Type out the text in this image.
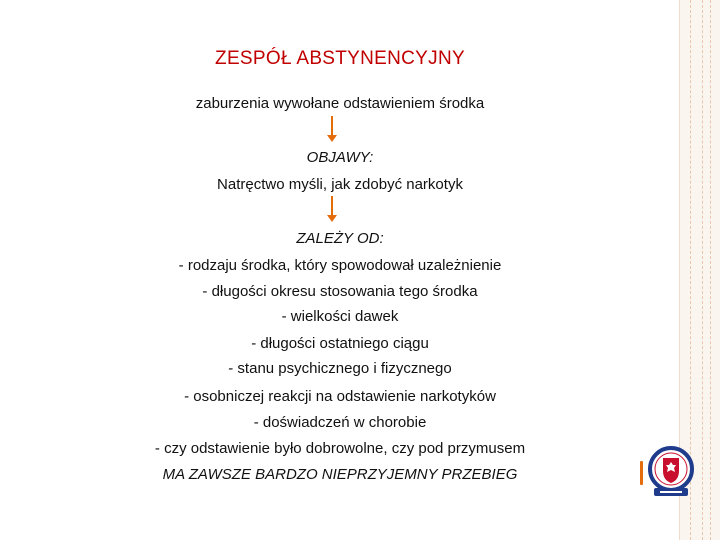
ZESPÓŁ ABSTYNENCYJNY
zaburzenia wywołane odstawieniem środka
OBJAWY:
Natręctwo myśli, jak zdobyć narkotyk
ZALEŻY OD:
- rodzaju środka, który spowodował uzależnienie
- długości okresu stosowania tego środka
- wielkości dawek
- długości ostatniego ciągu
- stanu psychicznego i fizycznego
- osobniczej reakcji na odstawienie narkotyków
- doświadczeń w chorobie
- czy odstawienie było dobrowolne, czy pod przymusem
MA ZAWSZE BARDZO NIEPRZYJEMNY PRZEBIEG
